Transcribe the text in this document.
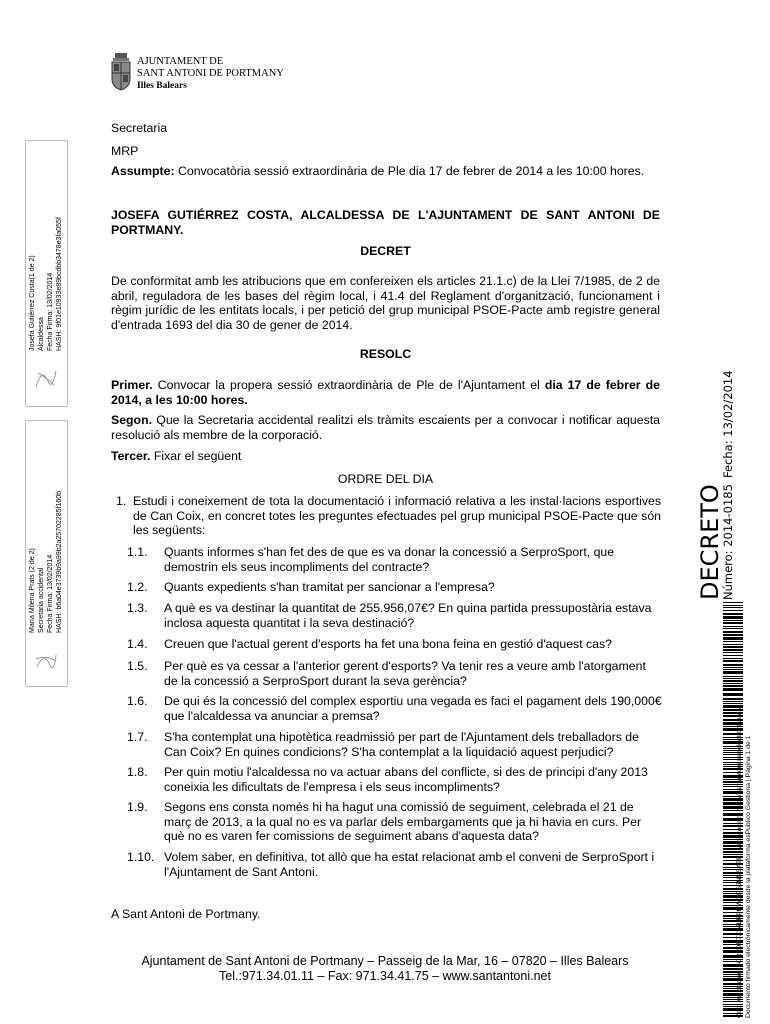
AJUNTAMENT DE
SANT ANTONI DE PORTMANY
Illes Balears
Secretaria
MRP
Assumpte: Convocatòria sessió extraordinària de Ple dia 17 de febrer de 2014 a les 10:00 hores.
JOSEFA GUTIÉRREZ COSTA, ALCALDESSA DE L'AJUNTAMENT DE SANT ANTONI DE PORTMANY.
DECRET
De conformitat amb les atribucions que em confereixen els articles 21.1.c) de la Llei 7/1985, de 2 de abril, reguladora de les bases del règim local, i 41.4 del Reglament d'organització, funcionament i règim jurídic de les entitats locals, i per petició del grup municipal PSOE-Pacte amb registre general d'entrada 1693 del dia 30 de gener de 2014.
RESOLC
Primer. Convocar la propera sessió extraordinària de Ple de l'Ajuntament el dia 17 de febrer de 2014, a les 10:00 hores.
Segon. Que la Secretaria accidental realitzi els tràmits escaients per a convocar i notificar aquesta resolució als membre de la corporació.
Tercer. Fixar el següent
ORDRE DEL DIA
1. Estudi i coneixement de tota la documentació i informació relativa a les instal·lacions esportives de Can Coix, en concret totes les preguntes efectuades pel grup municipal PSOE-Pacte que són les següents:
1.1. Quants informes s'han fet des de que es va donar la concessió a SerproSport, que demostrin els seus incompliments del contracte?
1.2. Quants expedients s'han tramitat per sancionar a l'empresa?
1.3. A què es va destinar la quantitat de 255.956,07€? En quina partida pressupostària estava inclosa aquesta quantitat i la seva destinació?
1.4. Creuen que l'actual gerent d'esports ha fet una bona feina en gestió d'aquest cas?
1.5. Per què es va cessar a l'anterior gerent d'esports? Va tenir res a veure amb l'atorgament de la concessió a SerproSport durant la seva gerència?
1.6. De qui és la concessió del complex esportiu una vegada es faci el pagament dels 190,000€ que l'alcaldessa va anunciar a premsa?
1.7. S'ha contemplat una hipotètica readmissió per part de l'Ajuntament dels treballadors de Can Coix? En quines condicions? S'ha contemplat a la liquidació aquest perjudici?
1.8. Per quin motiu l'alcaldessa no va actuar abans del conflicte, si des de principi d'any 2013 coneixia les dificultats de l'empresa i els seus incompliments?
1.9. Segons ens consta només hi ha hagut una comissió de seguiment, celebrada el 21 de març de 2013, a la qual no es va parlar dels embargaments que ja hi havia en curs. Per què no es varen fer comissions de seguiment abans d'aquesta data?
1.10. Volem saber, en definitiva, tot allò que ha estat relacionat amb el conveni de SerproSport i l'Ajuntament de Sant Antoni.
A Sant Antoni de Portmany.
Ajuntament de Sant Antoni de Portmany – Passeig de la Mar, 16 – 07820 – Illes Balears
Tel.:971.34.01.11 – Fax: 971.34.41.75 – www.santantoni.net
Josefa Gutiérrez Costa(1 de 2) Alcaldessa Fecha Firma: 13/02/2014 HASH: 9f01e10933e89bcdbb3478e3fa055f
María Milena Prats (2 de 2) Secretaria accidental Fecha Firma: 13/02/2014 HASH: b6a04e3739b9a99b2a25702285f160b	DECRETO
Número: 2014-0185
Fecha: 13/02/2014
Cód. Validación: 6CRC9R7Z34LRPKWGPSJNNSATE | Verificación: http://santantoni.sedelectronica.es/ Documento firmado electrónicamente desde la plataforma esPublico Gestiona | Página 1 de 1
